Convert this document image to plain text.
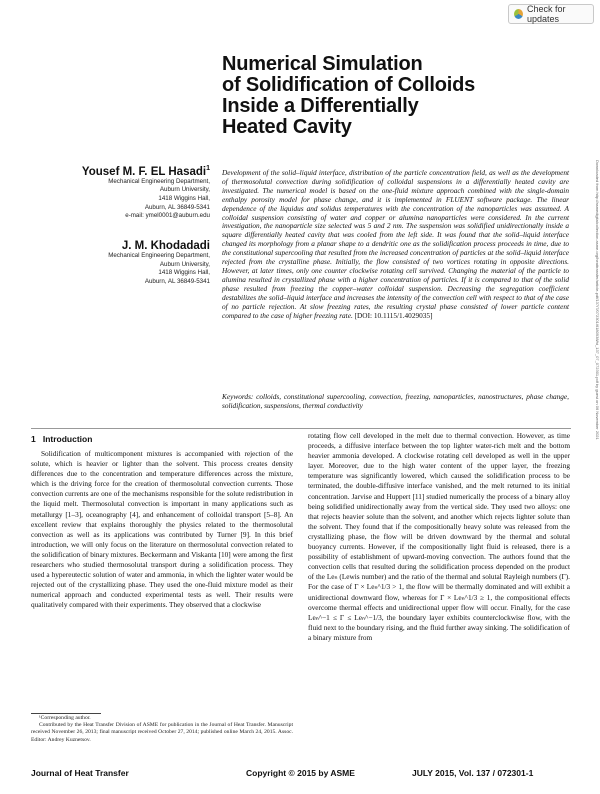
Check for updates
Numerical Simulation
of Solidification of Colloids
Inside a Differentially
Heated Cavity
Yousef M. F. EL Hasadi$^1$
Mechanical Engineering Department,
Auburn University,
1418 Wiggins Hall,
Auburn, AL 36849-5341
e-mail: ymel0001@auburn.edu
J. M. Khodadadi
Mechanical Engineering Department,
Auburn University,
1418 Wiggins Hall,
Auburn, AL 36849-5341
Development of the solid–liquid interface, distribution of the particle concentration field, as well as the development of thermosolutal convection during solidification of colloidal suspensions in a differentially heated cavity are investigated. The numerical model is based on the one-fluid mixture approach combined with the single-domain enthalpy porosity model for phase change, and it is implemented in FLUENT software package. The linear dependence of the liquidus and solidus temperatures with the concentration of the nanoparticles was assumed. A colloidal suspension consisting of water and copper or alumina nanoparticles were considered. In the current investigation, the nanoparticle size selected was 5 and 2 nm. The suspension was solidified unidirectionally inside a square differentially heated cavity that was cooled from the left side. It was found that the solid–liquid interface changed its morphology from a planar shape to a dendritic one as the solidification process proceeds in time, due to the constitutional supercooling that resulted from the increased concentration of particles at the solid–liquid interface rejected from the crystalline phase. Initially, the flow consisted of two vortices rotating in opposite directions. However, at later times, only one counter clockwise rotating cell survived. Changing the material of the particle to alumina resulted in crystallized phase with a higher concentration of particles. If it is compared to that of the solid phase resulted from freezing the copper–water colloidal suspension. Decreasing the segregation coefficient destabilizes the solid–liquid interface and increases the intensity of the convection cell with respect to that of the case of no particle rejection. At slow freezing rates, the resulting crystal phase consisted of lower particle content compared to the case of higher freezing rate. [DOI: 10.1115/1.4029035]
Keywords: colloids, constitutional supercooling, convection, freezing, nanoparticles, nanostructures, phase change, solidification, suspensions, thermal conductivity
1 Introduction
Solidification of multicomponent mixtures is accompanied with rejection of the solute, which is heavier or lighter than the solvent. This process creates density differences due to the concentration and temperature differences across the mixture, which is the driving force for the creation of thermosolutal convection currents. Those convection currents are one of the mechanisms responsible for the solute redistribution in the liquid melt. Thermosolutal convection is important in many applications such as metallurgy [1–3], oceanography [4], and enhancement of colloidal transport [5–8]. An excellent review that explains thoroughly the physics related to the thermosolutal convection as well as its applications was contributed by Turner [9]. In this brief introduction, we will only focus on the literature on thermosolutal convection related to the solidification of binary mixtures. Beckermann and Viskanta [10] were among the first researchers who studied thermosolutal transport during a solidification process. They used a hypereutectic solution of water and ammonia, in which the lighter water would be rejected out of the crystallizing phase. They used the one-fluid mixture model as their numerical approach and conducted experimental tests as well. Their results were qualitatively compared with their experiments. They observed that a clockwise
rotating flow cell developed in the melt due to thermal convection. However, as time proceeds, a diffusive interface between the top lighter water-rich melt and the bottom heavier ammonia developed. A clockwise rotating cell developed as well in the upper layer. Moreover, due to the high water content of the upper layer, the freezing temperature was significantly lowered, which caused the solidification process to be terminated, the double-diffusive interface vanished, and the melt returned to its initial concentration. Jarvise and Huppert [11] studied numerically the process of a binary alloy being solidified unidirectionally away from the vertical side. They used two alloys: one that rejects heavier solute than the solvent, and another which rejects lighter solute than the solvent. They found that if the compositionally heavy solute was released from the crystallizing phase, the flow will be driven downward by the thermal and solutal buoyancy currents. However, if the compositionally light fluid is released, there is a possibility of establishment of upward-moving convection. The authors found that the convection cells that resulted during the solidification process depended on the product of the Leₙ (Lewis number) and the ratio of the thermal and solutal Rayleigh numbers (Γ). For the case of Γ × Leₙ^1/3 > 1, the flow will be thermally dominated and will exhibit a unidirectional downward flow, whereas for Γ × Leₙ^1/3 ≥ 1, the compositional effects overcome thermal effects and unidirectional upper flow will occur. Finally, for the case Leₙ^−1 ≤ Γ ≤ Leₙ^−1/3, the boundary layer exhibits counterclockwise flow, with the fluid next to the boundary rising, and the fluid further away sinking. The solidification of a binary mixture from
¹Corresponding author.
Contributed by the Heat Transfer Division of ASME for publication in the Journal of Heat Transfer. Manuscript received November 26, 2013; final manuscript received October 27, 2014; published online March 24, 2015. Assoc. Editor: Andrey Kuznetsov.
Journal of Heat Transfer	Copyright © 2015 by ASME	JULY 2015, Vol. 137 / 072301-1
Downloaded from http://asmedigitalcollection.asme.org/heattransfer/article-pdf/137/7/072301/6180938/ht_137_07_072301.pdf by guest on 06 November 2021
